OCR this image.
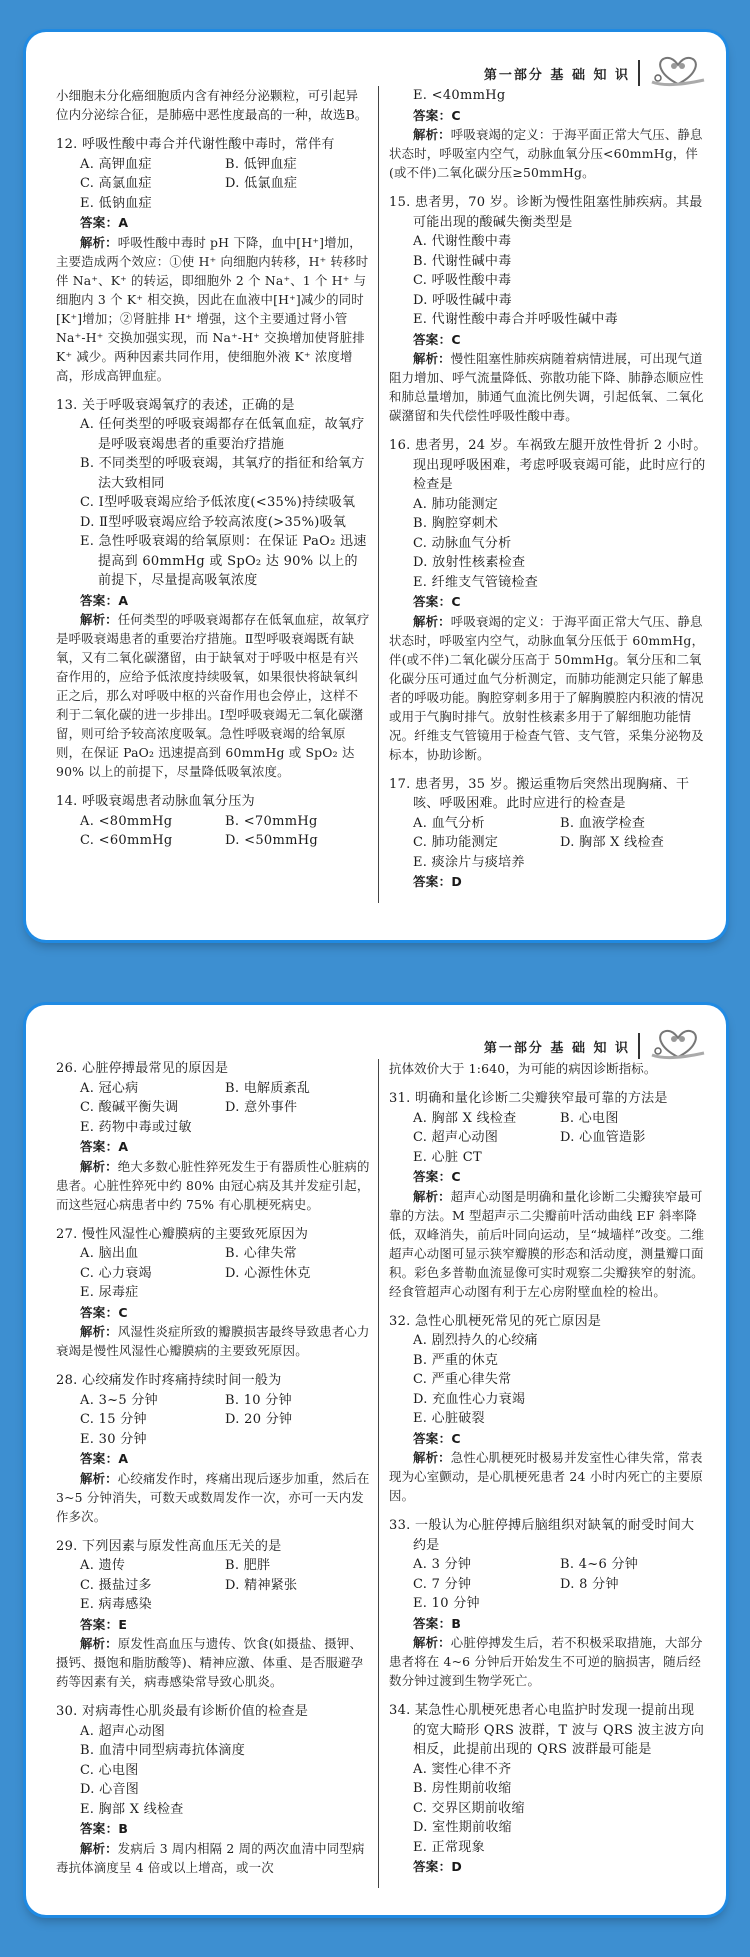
第一部分 基 础 知 识
小细胞未分化癌细胞质内含有神经分泌颗粒，可引起异位内分泌综合征，是肺癌中恶性度最高的一种，故选B。
12. 呼吸性酸中毒合并代谢性酸中毒时，常伴有
A. 高钾血症	B. 低钾血症
C. 高氯血症	D. 低氯血症
E. 低钠血症
答案：A
解析：呼吸性酸中毒时 pH 下降，血中[H⁺]增加，主要造成两个效应：①使 H⁺ 向细胞内转移，H⁺ 转移时伴 Na⁺、K⁺ 的转运，即细胞外 2 个 Na⁺、1 个 H⁺ 与细胞内 3 个 K⁺ 相交换，因此在血液中[H⁺]减少的同时[K⁺]增加；②肾脏排 H⁺ 增强，这个主要通过肾小管 Na⁺-H⁺ 交换加强实现，而 Na⁺-H⁺ 交换增加使肾脏排 K⁺ 减少。两种因素共同作用，使细胞外液 K⁺ 浓度增高，形成高钾血症。
13. 关于呼吸衰竭氧疗的表述，正确的是
A. 任何类型的呼吸衰竭都存在低氧血症，故氧疗是呼吸衰竭患者的重要治疗措施
B. 不同类型的呼吸衰竭，其氧疗的指征和给氧方法大致相同
C. Ⅰ型呼吸衰竭应给予低浓度(<35%)持续吸氧
D. Ⅱ型呼吸衰竭应给予较高浓度(>35%)吸氧
E. 急性呼吸衰竭的给氧原则：在保证 PaO₂ 迅速提高到 60mmHg 或 SpO₂ 达 90% 以上的前提下，尽量提高吸氧浓度
答案：A
解析：任何类型的呼吸衰竭都存在低氧血症，故氧疗是呼吸衰竭患者的重要治疗措施。Ⅱ型呼吸衰竭既有缺氧，又有二氧化碳潴留，由于缺氧对于呼吸中枢是有兴奋作用的，应给予低浓度持续吸氧，如果很快将缺氧纠正之后，那么对呼吸中枢的兴奋作用也会停止，这样不利于二氧化碳的进一步排出。Ⅰ型呼吸衰竭无二氧化碳潴留，则可给予较高浓度吸氧。急性呼吸衰竭的给氧原则，在保证 PaO₂ 迅速提高到 60mmHg 或 SpO₂ 达 90% 以上的前提下，尽量降低吸氧浓度。
14. 呼吸衰竭患者动脉血氧分压为
A. <80mmHg	B. <70mmHg
C. <60mmHg	D. <50mmHg
E. <40mmHg
答案：C
解析：呼吸衰竭的定义：于海平面正常大气压、静息状态时，呼吸室内空气，动脉血氧分压<60mmHg，伴(或不伴)二氧化碳分压≥50mmHg。
15. 患者男，70 岁。诊断为慢性阻塞性肺疾病。其最可能出现的酸碱失衡类型是
A. 代谢性酸中毒
B. 代谢性碱中毒
C. 呼吸性酸中毒
D. 呼吸性碱中毒
E. 代谢性酸中毒合并呼吸性碱中毒
答案：C
解析：慢性阻塞性肺疾病随着病情进展，可出现气道阻力增加、呼气流量降低、弥散功能下降、肺静态顺应性和肺总量增加，肺通气血流比例失调，引起低氧、二氧化碳潴留和失代偿性呼吸性酸中毒。
16. 患者男，24 岁。车祸致左腿开放性骨折 2 小时。现出现呼吸困难，考虑呼吸衰竭可能，此时应行的检查是
A. 肺功能测定
B. 胸腔穿刺术
C. 动脉血气分析
D. 放射性核素检查
E. 纤维支气管镜检查
答案：C
解析：呼吸衰竭的定义：于海平面正常大气压、静息状态时，呼吸室内空气，动脉血氧分压低于 60mmHg，伴(或不伴)二氧化碳分压高于 50mmHg。氧分压和二氧化碳分压可通过血气分析测定，而肺功能测定只能了解患者的呼吸功能。胸腔穿刺多用于了解胸膜腔内积液的情况或用于气胸时排气。放射性核素多用于了解细胞功能情况。纤维支气管镜用于检查气管、支气管，采集分泌物及标本，协助诊断。
17. 患者男，35 岁。搬运重物后突然出现胸痛、干咳、呼吸困难。此时应进行的检查是
A. 血气分析	B. 血液学检查
C. 肺功能测定	D. 胸部 X 线检查
E. 痰涂片与痰培养
答案：D
第一部分 基 础 知 识
26. 心脏停搏最常见的原因是
A. 冠心病	B. 电解质紊乱
C. 酸碱平衡失调	D. 意外事件
E. 药物中毒或过敏
答案：A
解析：绝大多数心脏性猝死发生于有器质性心脏病的患者。心脏性猝死中约 80% 由冠心病及其并发症引起，而这些冠心病患者中约 75% 有心肌梗死病史。
27. 慢性风湿性心瓣膜病的主要致死原因为
A. 脑出血	B. 心律失常
C. 心力衰竭	D. 心源性休克
E. 尿毒症
答案：C
解析：风湿性炎症所致的瓣膜损害最终导致患者心力衰竭是慢性风湿性心瓣膜病的主要致死原因。
28. 心绞痛发作时疼痛持续时间一般为
A. 3~5 分钟	B. 10 分钟
C. 15 分钟	D. 20 分钟
E. 30 分钟
答案：A
解析：心绞痛发作时，疼痛出现后逐步加重，然后在 3~5 分钟消失，可数天或数周发作一次，亦可一天内发作多次。
29. 下列因素与原发性高血压无关的是
A. 遗传	B. 肥胖
C. 摄盐过多	D. 精神紧张
E. 病毒感染
答案：E
解析：原发性高血压与遗传、饮食(如摄盐、摄钾、摄钙、摄饱和脂肪酸等)、精神应激、体重、是否服避孕药等因素有关，病毒感染常导致心肌炎。
30. 对病毒性心肌炎最有诊断价值的检查是
A. 超声心动图
B. 血清中同型病毒抗体滴度
C. 心电图
D. 心音图
E. 胸部 X 线检查
答案：B
解析：发病后 3 周内相隔 2 周的两次血清中同型病毒抗体滴度呈 4 倍或以上增高，或一次
抗体效价大于 1:640，为可能的病因诊断指标。
31. 明确和量化诊断二尖瓣狭窄最可靠的方法是
A. 胸部 X 线检查	B. 心电图
C. 超声心动图	D. 心血管造影
E. 心脏 CT
答案：C
解析：超声心动图是明确和量化诊断二尖瓣狭窄最可靠的方法。M 型超声示二尖瓣前叶活动曲线 EF 斜率降低，双峰消失，前后叶同向运动，呈“城墙样”改变。二维超声心动图可显示狭窄瓣膜的形态和活动度，测量瓣口面积。彩色多普勒血流显像可实时观察二尖瓣狭窄的射流。经食管超声心动图有利于左心房附壁血栓的检出。
32. 急性心肌梗死常见的死亡原因是
A. 剧烈持久的心绞痛
B. 严重的休克
C. 严重心律失常
D. 充血性心力衰竭
E. 心脏破裂
答案：C
解析：急性心肌梗死时极易并发室性心律失常，常表现为心室颤动，是心肌梗死患者 24 小时内死亡的主要原因。
33. 一般认为心脏停搏后脑组织对缺氧的耐受时间大约是
A. 3 分钟	B. 4~6 分钟
C. 7 分钟	D. 8 分钟
E. 10 分钟
答案：B
解析：心脏停搏发生后，若不积极采取措施，大部分患者将在 4~6 分钟后开始发生不可逆的脑损害，随后经数分钟过渡到生物学死亡。
34. 某急性心肌梗死患者心电监护时发现一提前出现的宽大畸形 QRS 波群，T 波与 QRS 波主波方向相反，此提前出现的 QRS 波群最可能是
A. 窦性心律不齐
B. 房性期前收缩
C. 交界区期前收缩
D. 室性期前收缩
E. 正常现象
答案：D
